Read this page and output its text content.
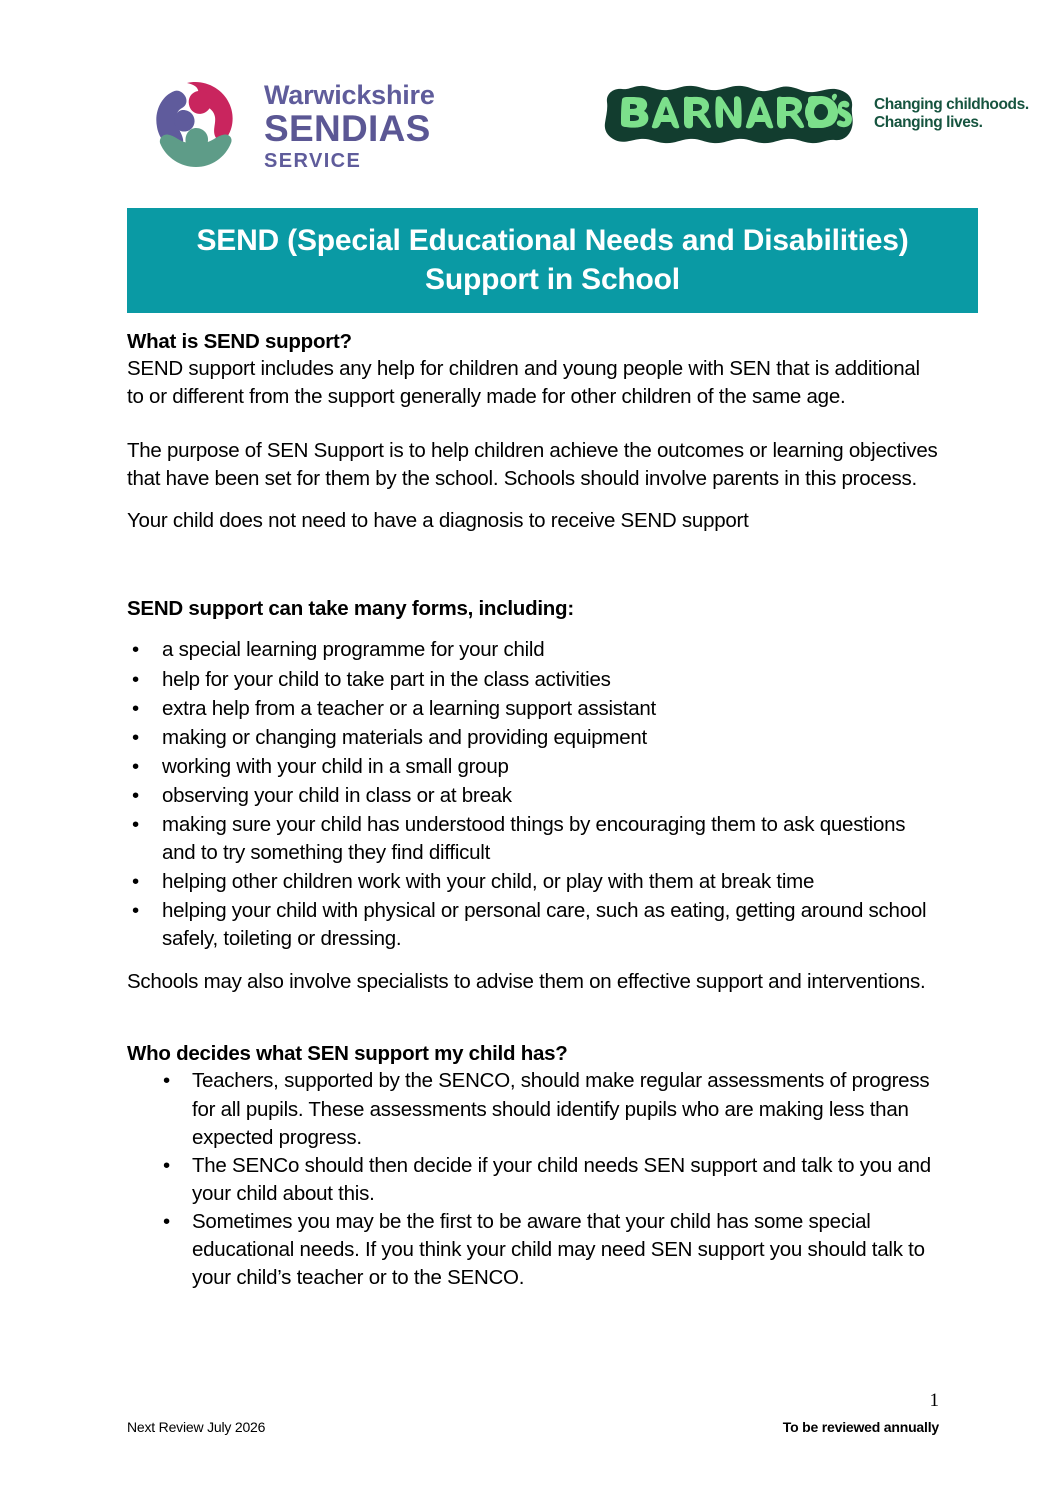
Warwickshire
SENDIAS
SERVICE
Changing childhoods.
Changing lives.
SEND (Special Educational Needs and Disabilities) Support in School
What is SEND support?

SEND support includes any help for children and young people with SEN that is additional to or different from the support generally made for other children of the same age.

The purpose of SEN Support is to help children achieve the outcomes or learning objectives that have been set for them by the school. Schools should involve parents in this process.

Your child does not need to have a diagnosis to receive SEND support

SEND support can take many forms, including:
• a special learning programme for your child
• help for your child to take part in the class activities
• extra help from a teacher or a learning support assistant
• making or changing materials and providing equipment
• working with your child in a small group
• observing your child in class or at break
• making sure your child has understood things by encouraging them to ask questions and to try something they find difficult
• helping other children work with your child, or play with them at break time
• helping your child with physical or personal care, such as eating, getting around school safely, toileting or dressing.

Schools may also involve specialists to advise them on effective support and interventions.

Who decides what SEN support my child has?
• Teachers, supported by the SENCO, should make regular assessments of progress for all pupils. These assessments should identify pupils who are making less than expected progress.
• The SENCo should then decide if your child needs SEN support and talk to you and your child about this.
• Sometimes you may be the first to be aware that your child has some special educational needs. If you think your child may need SEN support you should talk to your child’s teacher or to the SENCO.
1
Next Review July 2026	To be reviewed annually
